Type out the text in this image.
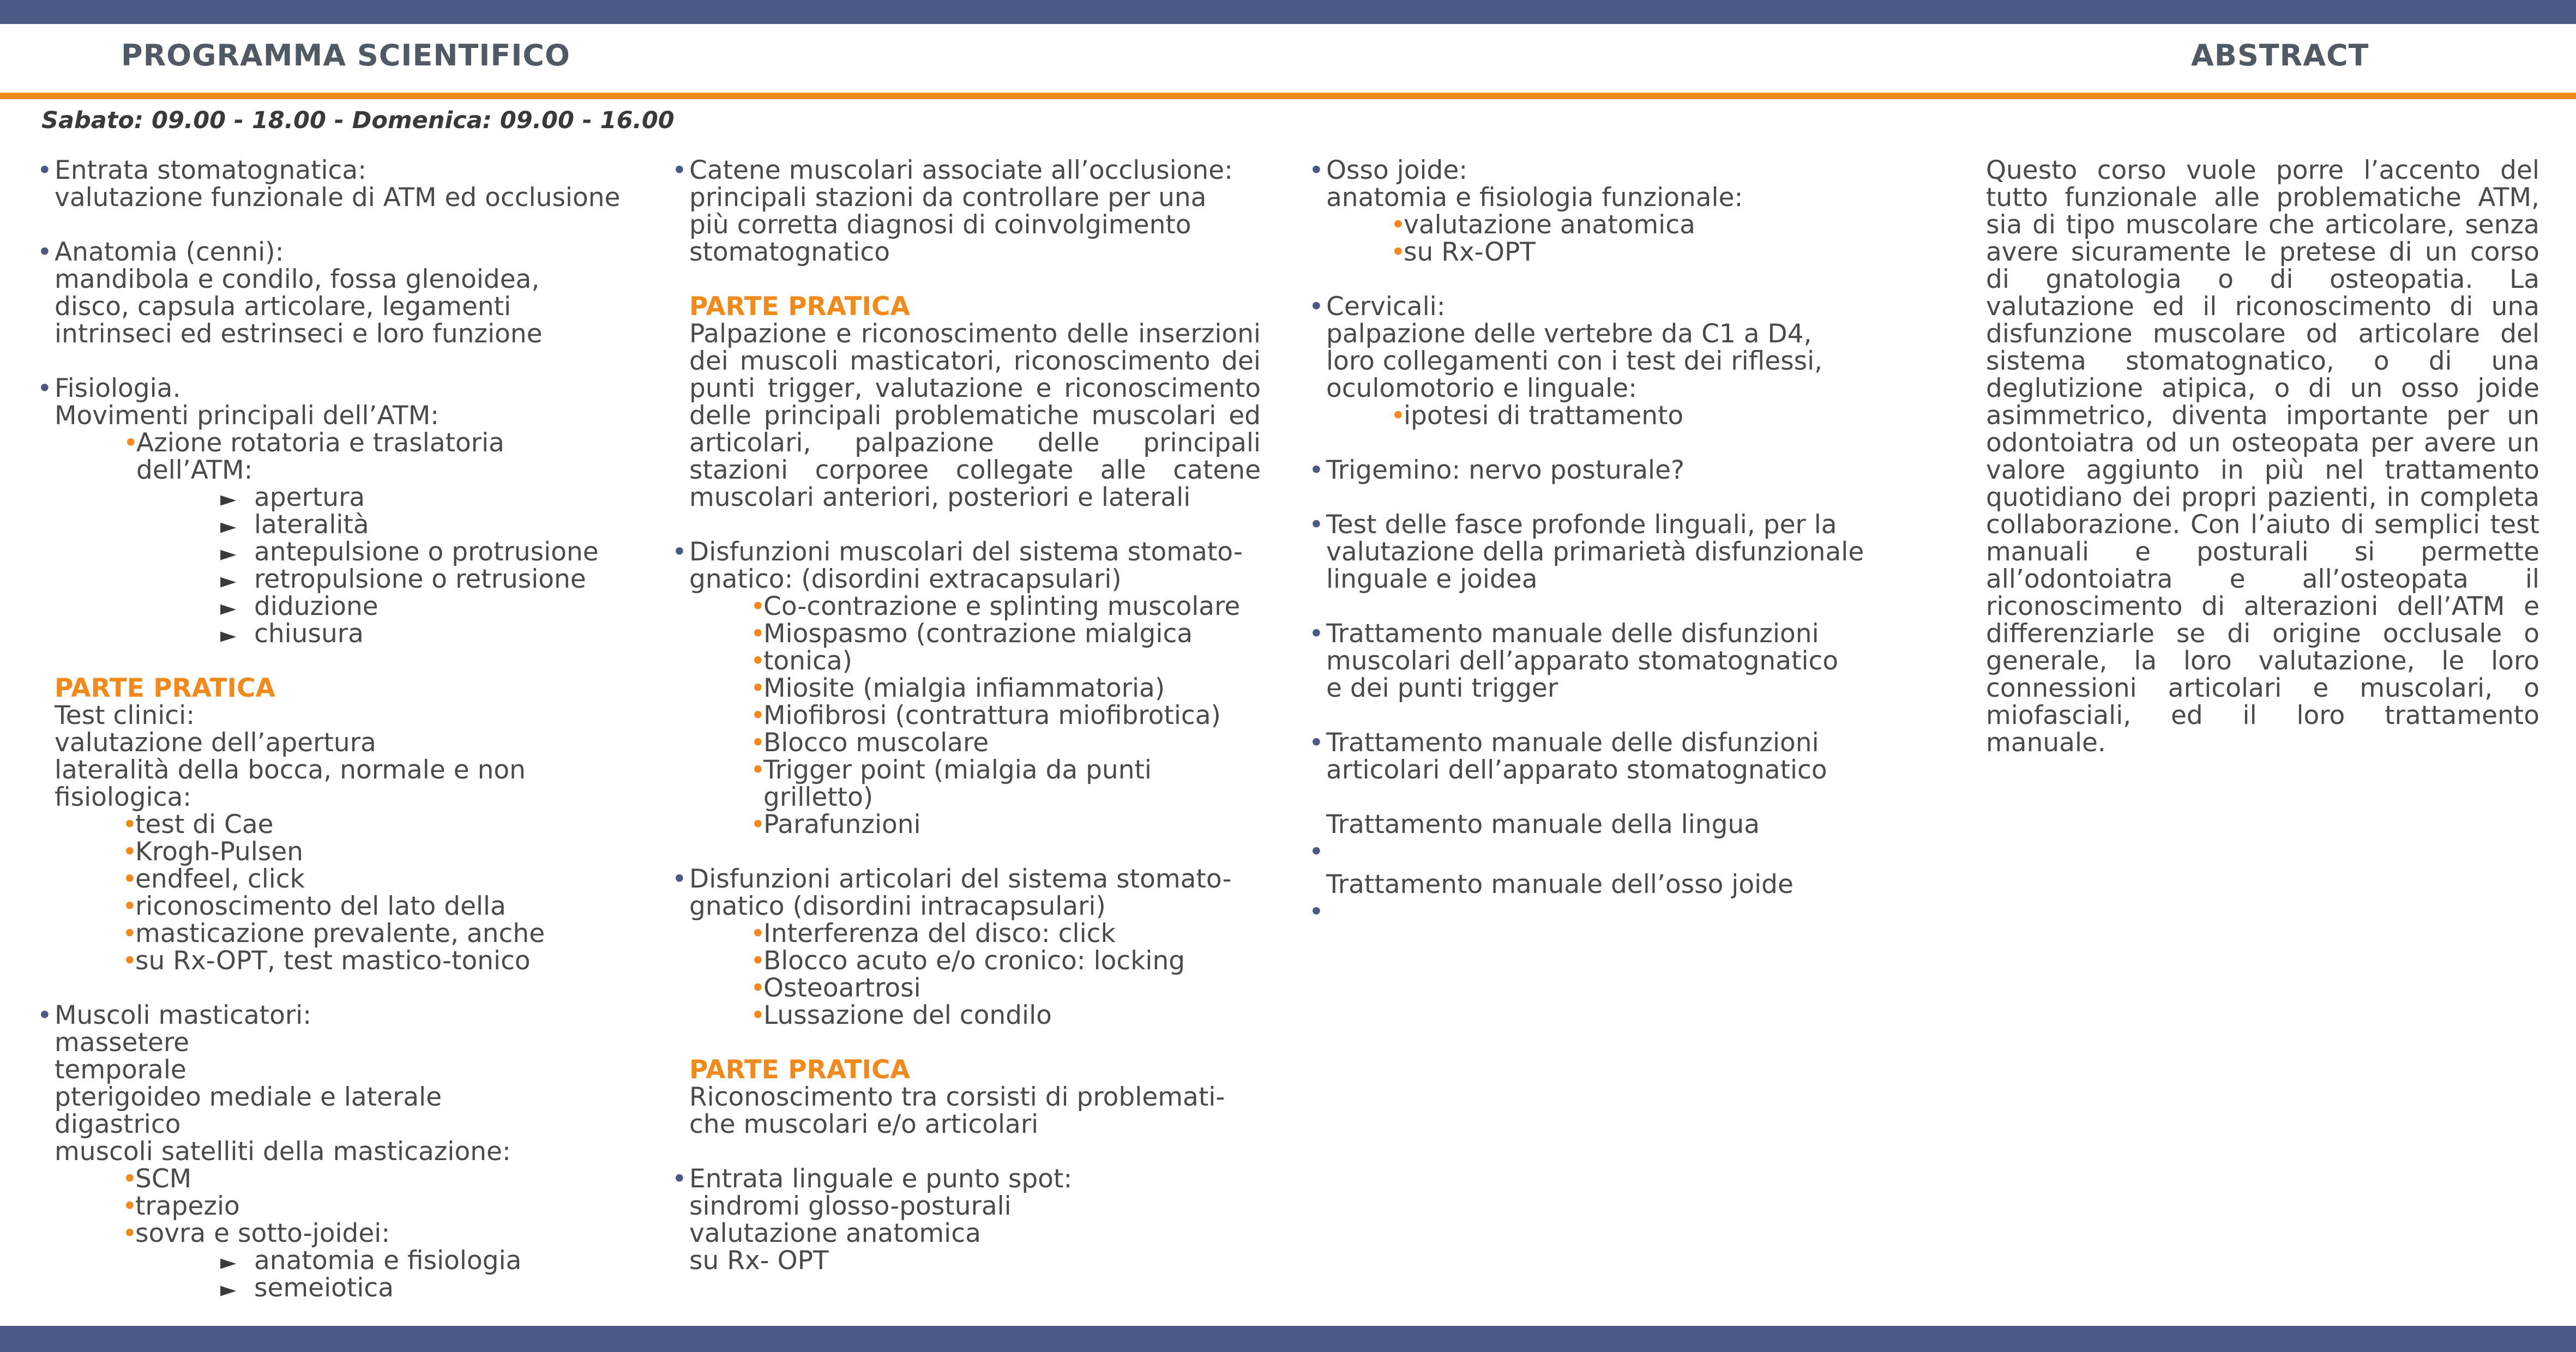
PROGRAMMA SCIENTIFICO	ABSTRACT
Sabato: 09.00 - 18.00 - Domenica: 09.00 - 16.00
• Entrata stomatognatica:
valutazione funzionale di ATM ed occlusione
• Anatomia (cenni):
mandibola e condilo, fossa glenoidea,
disco, capsula articolare, legamenti
intrinseci ed estrinseci e loro funzione
• Fisiologia.
Movimenti principali dell’ATM:
• Azione rotatoria e traslatoria
dell’ATM:
► apertura
► lateralità
► antepulsione o protrusione
► retropulsione o retrusione
► diduzione
► chiusura
PARTE PRATICA
Test clinici:
valutazione dell’apertura
lateralità della bocca, normale e non
fisiologica:
• test di Cae
• Krogh-Pulsen
• endfeel, click
• riconoscimento del lato della
• masticazione prevalente, anche
• su Rx-OPT, test mastico-tonico
• Muscoli masticatori:
massetere
temporale
pterigoideo mediale e laterale
digastrico
muscoli satelliti della masticazione:
• SCM
• trapezio
• sovra e sotto-joidei:
► anatomia e fisiologia
► semeiotica
• Catene muscolari associate all’occlusione:
principali stazioni da controllare per una
più corretta diagnosi di coinvolgimento
stomatognatico
PARTE PRATICA
Palpazione e riconoscimento delle inserzioni dei muscoli masticatori, riconoscimento dei punti trigger, valutazione e riconoscimento delle principali problematiche muscolari ed articolari, palpazione delle principali stazioni corporee collegate alle catene muscolari anteriori, posteriori e laterali
• Disfunzioni muscolari del sistema stomato-
gnatico: (disordini extracapsulari)
• Co-contrazione e splinting muscolare
• Miospasmo (contrazione mialgica
• tonica)
• Miosite (mialgia infiammatoria)
• Miofibrosi (contrattura miofibrotica)
• Blocco muscolare
• Trigger point (mialgia da punti grilletto)
• Parafunzioni
• Disfunzioni articolari del sistema stomato-
gnatico (disordini intracapsulari)
• Interferenza del disco: click
• Blocco acuto e/o cronico: locking
• Osteoartrosi
• Lussazione del condilo
PARTE PRATICA
Riconoscimento tra corsisti di problemati-
che muscolari e/o articolari
• Entrata linguale e punto spot:
sindromi glosso-posturali
valutazione anatomica
su Rx- OPT
• Osso joide:
anatomia e fisiologia funzionale:
• valutazione anatomica
• su Rx-OPT
• Cervicali:
palpazione delle vertebre da C1 a D4,
loro collegamenti con i test dei riflessi,
oculomotorio e linguale:
• ipotesi di trattamento
• Trigemino: nervo posturale?
• Test delle fasce profonde linguali, per la
valutazione della primarietà disfunzionale
linguale e joidea
• Trattamento manuale delle disfunzioni
muscolari dell’apparato stomatognatico
e dei punti trigger
• Trattamento manuale delle disfunzioni
articolari dell’apparato stomatognatico
•
Trattamento manuale della lingua
•
Trattamento manuale dell’osso joide
Questo corso vuole porre l’accento del tutto funzionale alle problematiche ATM, sia di tipo muscolare che articolare, senza avere sicuramente le pretese di un corso di gnatologia o di osteopatia. La valutazione ed il riconoscimento di una disfunzione muscolare od articolare del sistema stomatognatico, o di una deglutizione atipica, o di un osso joide asimmetrico, diventa importante per un odontoiatra od un osteopata per avere un valore aggiunto in più nel trattamento quotidiano dei propri pazienti, in completa collaborazione. Con l’aiuto di semplici test manuali e posturali si permette all’odontoiatra e all’osteopata il riconoscimento di alterazioni dell’ATM e differenziarle se di origine occlusale o generale, la loro valutazione, le loro connessioni articolari e muscolari, o miofasciali, ed il loro trattamento manuale.
